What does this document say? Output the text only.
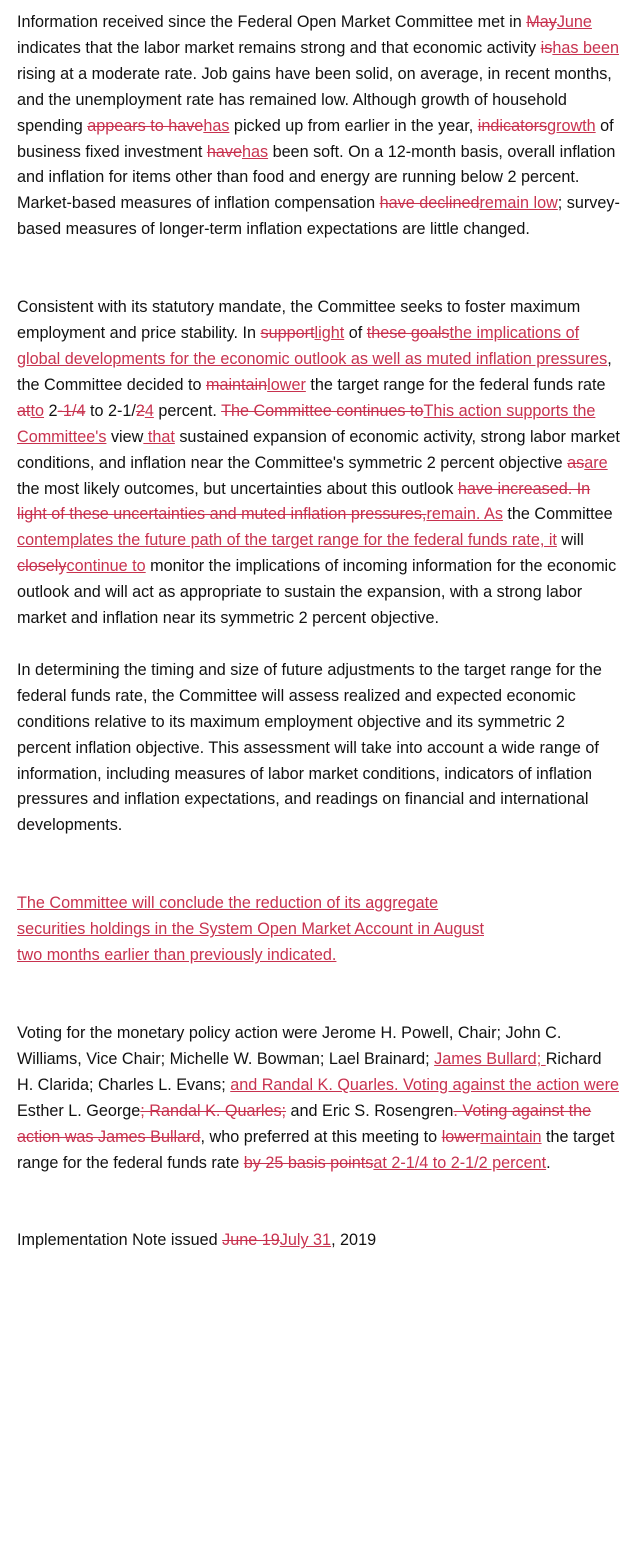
Information received since the Federal Open Market Committee met in MayJune indicates that the labor market remains strong and that economic activity ishas been rising at a moderate rate. Job gains have been solid, on average, in recent months, and the unemployment rate has remained low. Although growth of household spending appears to havehas picked up from earlier in the year, indicatorsgrowth of business fixed investment havehas been soft. On a 12-month basis, overall inflation and inflation for items other than food and energy are running below 2 percent. Market-based measures of inflation compensation have declinedremain low; survey-based measures of longer-term inflation expectations are little changed.

Consistent with its statutory mandate, the Committee seeks to foster maximum employment and price stability. In supportlight of these goalsthe implications of global developments for the economic outlook as well as muted inflation pressures, the Committee decided to maintainlower the target range for the federal funds rate atto 2-1/4 to 2-1/24 percent. The Committee continues toThis action supports the Committee's view that sustained expansion of economic activity, strong labor market conditions, and inflation near the Committee's symmetric 2 percent objective asare the most likely outcomes, but uncertainties about this outlook have increased. In light of these uncertainties and muted inflation pressures,remain. As the Committee contemplates the future path of the target range for the federal funds rate, it will closelycontinue to monitor the implications of incoming information for the economic outlook and will act as appropriate to sustain the expansion, with a strong labor market and inflation near its symmetric 2 percent objective.

In determining the timing and size of future adjustments to the target range for the federal funds rate, the Committee will assess realized and expected economic conditions relative to its maximum employment objective and its symmetric 2 percent inflation objective. This assessment will take into account a wide range of information, including measures of labor market conditions, indicators of inflation pressures and inflation expectations, and readings on financial and international developments.

The Committee will conclude the reduction of its aggregate
securities holdings in the System Open Market Account in August
two months earlier than previously indicated.

Voting for the monetary policy action were Jerome H. Powell, Chair; John C. Williams, Vice Chair; Michelle W. Bowman; Lael Brainard; James Bullard; Richard H. Clarida; Charles L. Evans; and Randal K. Quarles. Voting against the action were Esther L. George; Randal K. Quarles; and Eric S. Rosengren. Voting against the action was James Bullard, who preferred at this meeting to lowermaintain the target range for the federal funds rate by 25 basis pointsat 2-1/4 to 2-1/2 percent.

Implementation Note issued June 19July 31, 2019
